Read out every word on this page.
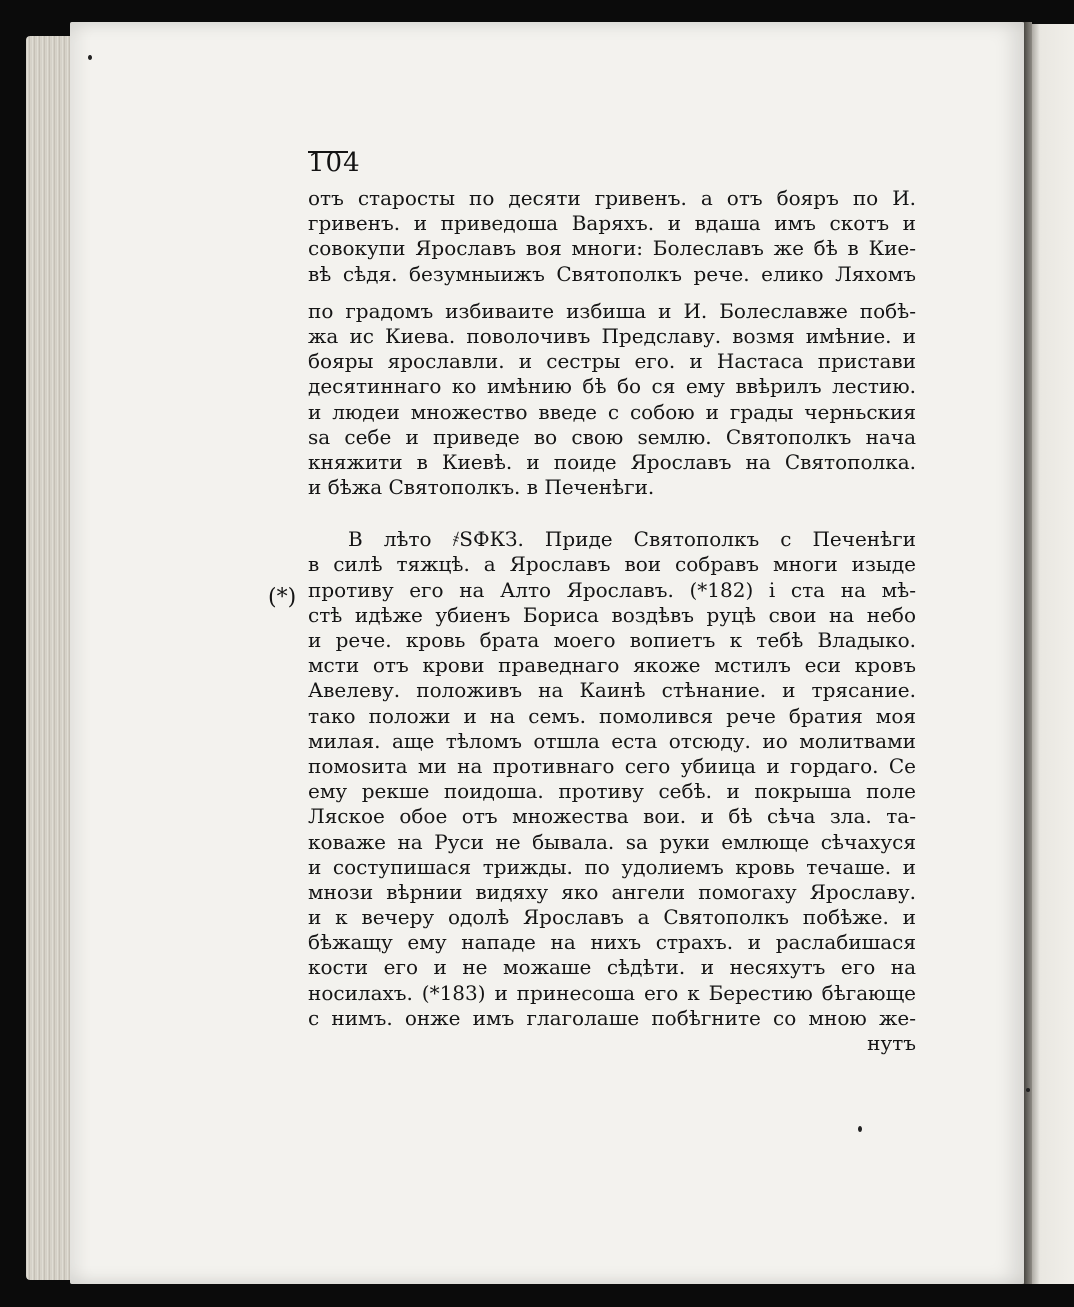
104
(*)
отъ старосты по десяти гривенъ. а отъ бояръ по И.
гривенъ. и приведоша Варяхъ. и вдаша имъ скотъ и
совокупи Ярославъ воя многи: Болеславъ же бѣ в Кие-
вѣ сѣдя. безумныижъ Святополкъ рече. елико Ляхомъ
по градомъ избиваите избиша и И. Болеславже побѣ-
жа ис Киева. поволочивъ Предславу. возмя имѣние. и
бояры ярославли. и сестры его. и Настаса пристави
десятиннаго ко имѣнию бѣ бо ся ему ввѣрилъ лестию.
и людеи множество введе с собою и грады черньския
ѕа себе и приведе во свою ѕемлю. Святополкъ нача
княжити в Киевѣ. и поиде Ярославъ на Святополка.
и бѣжа Святополкъ. в Печенѣги.
В лѣто ҂ЅФКЗ. Приде Святополкъ с Печенѣги
в силѣ тяжцѣ. а Ярославъ вои собравъ многи изыде
противу его на Алто Ярославъ. (*182) і ста на мѣ-
стѣ идѣже убиенъ Бориса воздѣвъ руцѣ свои на небо
и рече. кровь брата моего вопиетъ к тебѣ Владыко.
мсти отъ крови праведнаго якоже мстилъ еси кровъ
Авелеву. положивъ на Каинѣ стѣнание. и трясание.
тако положи и на семъ. помолився рече братия моя
милая. аще тѣломъ отшла еста отсюду. ио молитвами
помоѕита ми на противнаго сего убиица и гордаго. Се
ему рекше поидоша. противу себѣ. и покрыша поле
Ляское обое отъ множества вои. и бѣ сѣча зла. та-
коваже на Руси не бывала. ѕа руки емлюще сѣчахуся
и соступишася трижды. по удолиемъ кровь течаше. и
мнози вѣрнии видяху яко ангели помогаху Ярославу.
и к вечеру одолѣ Ярославъ а Святополкъ побѣже. и
бѣжащу ему нападе на нихъ страхъ. и раслабишася
кости его и не можаше сѣдѣти. и несяхутъ его на
носилахъ. (*183) и принесоша его к Берестию бѣгающе
с нимъ. онже имъ глаголаше побѣгните со мною же-
нутъ
